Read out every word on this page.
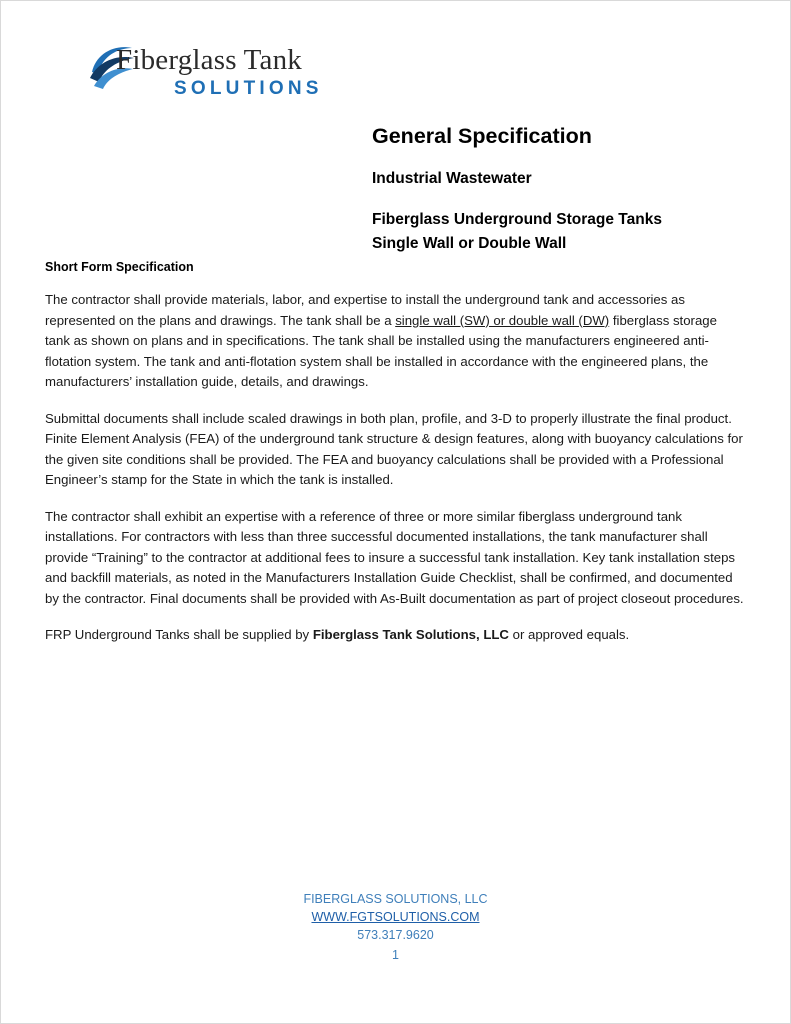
Fiberglass Tank
SOLUTIONS
General Specification
Industrial Wastewater
Fiberglass Underground Storage Tanks
Single Wall or Double Wall
Short Form Specification

The contractor shall provide materials, labor, and expertise to install the underground tank and accessories as represented on the plans and drawings. The tank shall be a single wall (SW) or double wall (DW) fiberglass storage tank as shown on plans and in specifications. The tank shall be installed using the manufacturers engineered anti-flotation system. The tank and anti-flotation system shall be installed in accordance with the engineered plans, the manufacturers’ installation guide, details, and drawings.

Submittal documents shall include scaled drawings in both plan, profile, and 3-D to properly illustrate the final product. Finite Element Analysis (FEA) of the underground tank structure & design features, along with buoyancy calculations for the given site conditions shall be provided. The FEA and buoyancy calculations shall be provided with a Professional Engineer’s stamp for the State in which the tank is installed.

The contractor shall exhibit an expertise with a reference of three or more similar fiberglass underground tank installations. For contractors with less than three successful documented installations, the tank manufacturer shall provide “Training” to the contractor at additional fees to insure a successful tank installation. Key tank installation steps and backfill materials, as noted in the Manufacturers Installation Guide Checklist, shall be confirmed, and documented by the contractor. Final documents shall be provided with As-Built documentation as part of project closeout procedures.

FRP Underground Tanks shall be supplied by Fiberglass Tank Solutions, LLC or approved equals.

FIBERGLASS SOLUTIONS, LLC
WWW.FGTSOLUTIONS.COM
573.317.9620
1
